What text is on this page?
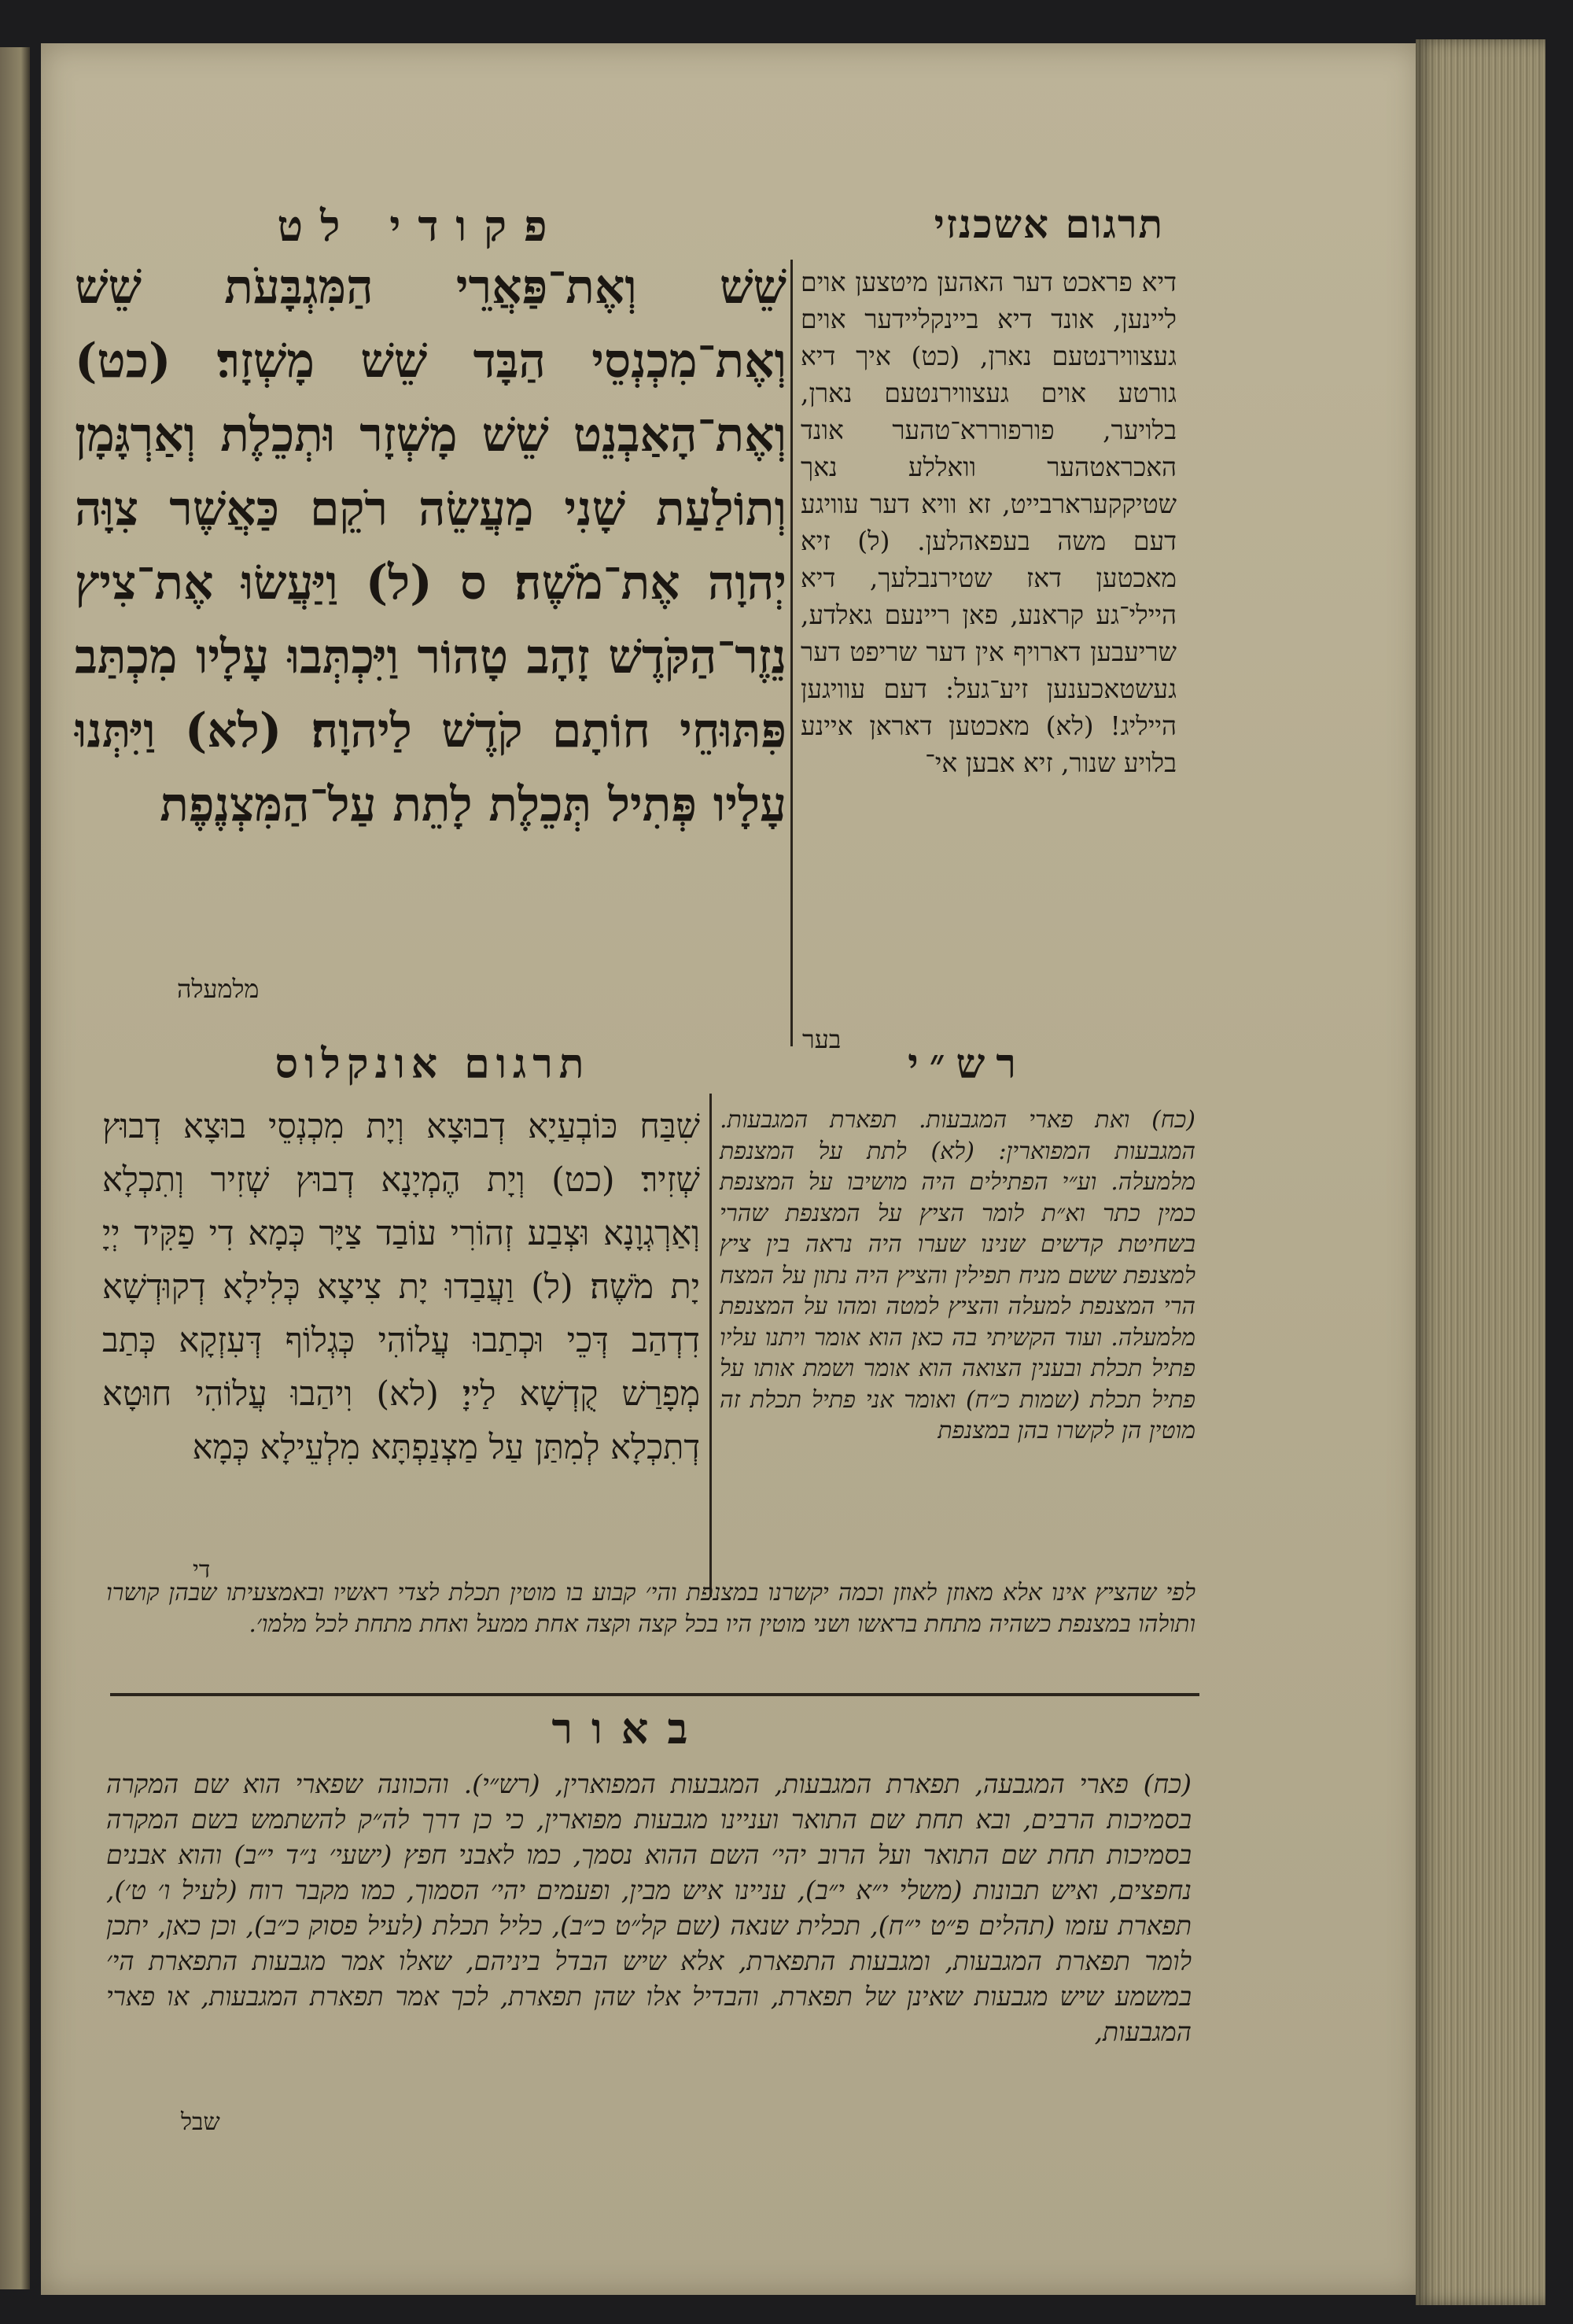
פקודי לט	תרגום אשכנזי
שֵׁשׁ וְאֶת־פַּאֲרֵי הַמִּגְבָּעֹת שֵׁשׁ וְאֶת־מִכְנְסֵי הַבָּד שֵׁשׁ מָשְׁזָר׃ (כט) וְאֶת־הָאַבְנֵט שֵׁשׁ מָשְׁזָר וּתְכֵלֶת וְאַרְגָּמָן וְתוֹלַעַת שָׁנִי מַעֲשֵׂה רֹקֵם כַּאֲשֶׁר צִוָּה יְהוָה אֶת־מֹשֶׁה׃ ס (ל) וַיַּעֲשׂוּ אֶת־צִיץ נֵזֶר־הַקֹּדֶשׁ זָהָב טָהוֹר וַיִּכְתְּבוּ עָלָיו מִכְתַּב פִּתּוּחֵי חוֹתָם קֹדֶשׁ לַיהוָה׃ (לא) וַיִּתְּנוּ עָלָיו פְּתִיל תְּכֵלֶת לָתֵת עַל־הַמִּצְנֶפֶת
מלמעלה
דיא פראכט דער האהען מיטצען אוים ליינען, אונד דיא ביינקליידער אוים געצווירנטעם נארן, (כט) איך דיא גורטע אוים געצווירנטעם נארן, בלויער, פורפוררא־טהער אונד האכראטהער וואללע נאך שטיקקערארבייט, זא וויא דער עוויגע דעם משה בעפאהלען. (ל) זיא מאכטען דאז שטירנבלעך, דיא היילי־גע קראנע, פאן ריינעם גאלדע, שריעבען דארויף אין דער שריפט דער געשטאכענען זיע־געל: דעם עוויגען הייליג! (לא) מאכטען דאראן איינע בלויע שנור, זיא אבען אי־
בער
תרגום אונקלוס
שִׁבַּח כּוֹבְעַיָא דְבוּצָא וְיָת מִכְנְסֵי בוּצָא דְבוּץ שְׁזִיר׃ (כט) וְיָת הֶמְיָנָא דְבוּץ שְׁזִיר וְתִכְלָא וְאַרְגְוָנָא וּצְבַע זְהוֹרִי עוֹבַד צַיָּר כְּמָא דִי פַקִּיד יְיָ יָת מֹשֶׁה׃ (ל) וַעֲבַדוּ יָת צִיצָא כְּלִילָא דְקוּדְשָׁא דִדְהַב דְּכֵי וּכְתַבוּ עֲלוֹהִי כְּגְלוֹף דְּעִזְקָא כְּתַב מְפָרַשׁ קֻדְשָׁא לַייָ׃ (לא) וִיהַבוּ עֲלוֹהִי חוּטָא דְתִכְלָא לְמִתַּן עַל מַצְנַפְתָּא מִלְעֵילָא כְּמָא
די
רש״י
(כח) ואת פארי המגבעות. תפארת המגבעות. המגבעות המפוארין: (לא) לתת על המצנפת מלמעלה. וע״י הפתילים היה מושיבו על המצנפת כמין כתר וא״ת לומר הציץ על המצנפת שהרי בשחיטת קדשים שנינו שערו היה נראה בין ציץ למצנפת ששם מניח תפילין והציץ היה נתון על המצח הרי המצנפת למעלה והציץ למטה ומהו על המצנפת מלמעלה. ועוד הקשיתי בה כאן הוא אומר ויתנו עליו פתיל תכלת ובענין הצואה הוא אומר ושמת אותו על פתיל תכלת (שמות כ״ח) ואומר אני פתיל תכלת זה מוטין הן לקשרו בהן במצנפת
לפי שהציץ אינו אלא מאוזן לאוזן וכמה יקשרנו במצנפת והי׳ קבוע בו מוטין תכלת לצדי ראשיו ובאמצעיתו שבהן קושרו ותולהו במצנפת כשהיה מתחת בראשו ושני מוטין היו בכל קצה וקצה אחת ממעל ואחת מתחת לכל מלמו׳.
באור
(כח) פארי המגבעה, תפארת המגבעות, המגבעות המפוארין, (רש״י). והכוונה שפארי הוא שם המקרה בסמיכות הרבים, ובא תחת שם התואר ועניינו מגבעות מפוארין, כי כן דרך לה״ק להשתמש בשם המקרה בסמיכות תחת שם התואר ועל הרוב יהי׳ השם ההוא נסמך, כמו לאבני חפץ (ישעי׳ נ״ד י״ב) והוא אבנים נחפצים, ואיש תבונות (משלי י״א י״ב), עניינו איש מבין, ופעמים יהי׳ הסמוך, כמו מקבר רוח (לעיל ו׳ ט׳), תפארת עזמו (תהלים פ״ט י״ח), תכלית שנאה (שם קל״ט כ״ב), כליל תכלת (לעיל פסוק כ״ב), וכן כאן, יתכן לומר תפארת המגבעות, ומגבעות התפארת, אלא שיש הבדל ביניהם, שאלו אמר מגבעות התפארת הי׳ במשמע שיש מגבעות שאינן של תפארת, והבדיל אלו שהן תפארת, לכך אמר תפארת המגבעות, או פארי המגבעות,
שבל
